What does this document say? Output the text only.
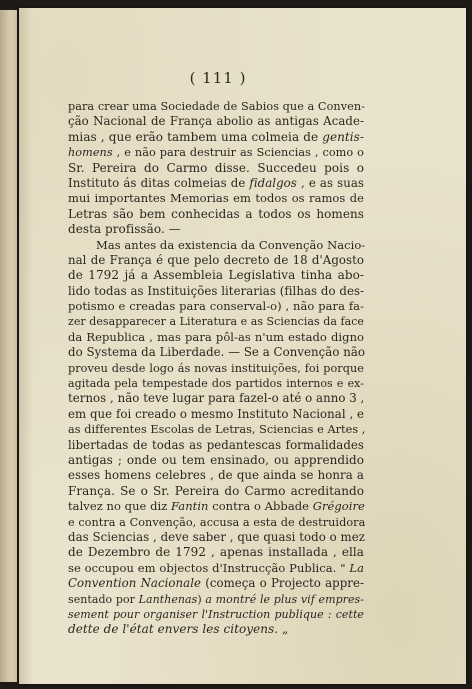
( 111 )
para crear uma Sociedade de Sabios que a Conven-
ção Nacional de França abolio as antigas Acade-
mias , que erão tambem uma colmeia de gentis-
homens , e não para destruir as Sciencias , como o
Sr. Pereira do Carmo disse. Succedeu pois o
Instituto ás ditas colmeias de fidalgos , e as suas
mui importantes Memorias em todos os ramos de
Letras são bem conhecidas a todos os homens
desta profissão. —
Mas antes da existencia da Convenção Nacio-
nal de França é que pelo decreto de 18 d'Agosto
de 1792 já a Assembleia Legislativa tinha abo-
lido todas as Instituições literarias (filhas do des-
potismo e creadas para conserval-o) , não para fa-
zer desapparecer a Literatura e as Sciencias da face
da Republica , mas para pôl-as n'um estado digno
do Systema da Liberdade. — Se a Convenção não
proveu desde logo ás novas instituições, foi porque
agitada pela tempestade dos partidos internos e ex-
ternos , não teve lugar para fazel-o até o anno 3 ,
em que foi creado o mesmo Instituto Nacional , e
as differentes Escolas de Letras, Sciencias e Artes ,
libertadas de todas as pedantescas formalidades
antigas ; onde ou tem ensinado, ou apprendido
esses homens celebres , de que ainda se honra a
França. Se o Sr. Pereira do Carmo acreditando
talvez no que diz Fantin contra o Abbade Grégoire
e contra a Convenção, accusa a esta de destruidora
das Sciencias , deve saber , que quasi todo o mez
de Dezembro de 1792 , apenas installada , ella
se occupou em objectos d'Instrucção Publica. " La
Convention Nacionale (começa o Projecto appre-
sentado por Lanthenas) a montré le plus vif empres-
sement pour organiser l'Instruction publique : cette
dette de l'état envers les citoyens. „
